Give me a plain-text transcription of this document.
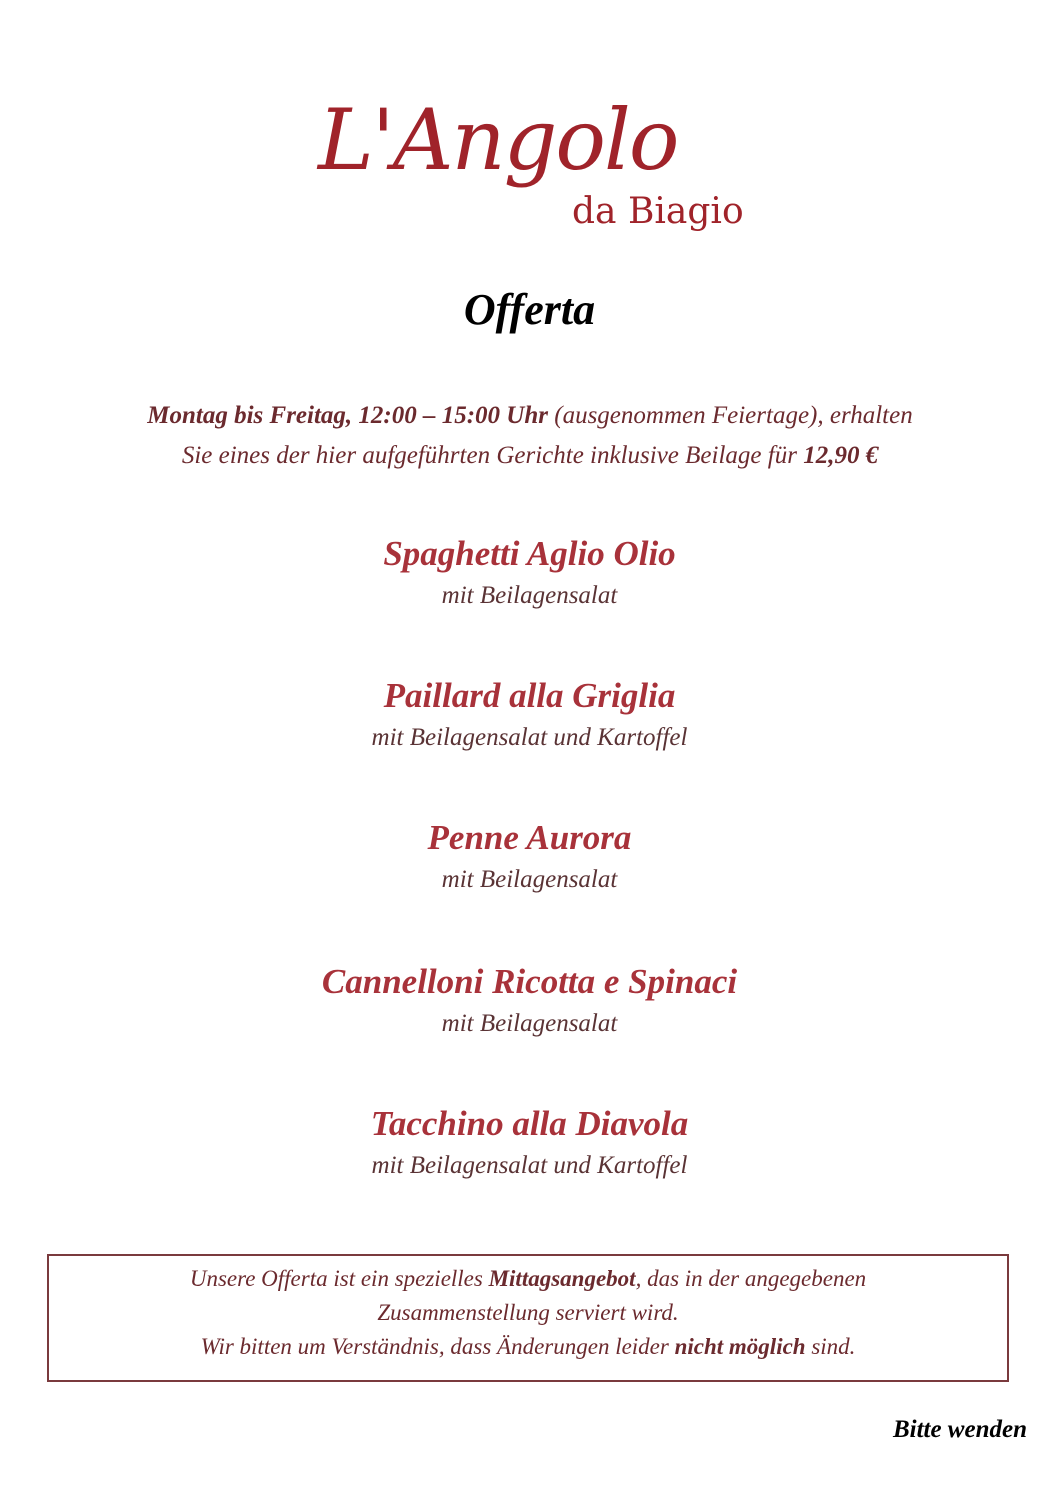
L'Angolo
da Biagio
Offerta
Montag bis Freitag, 12:00 – 15:00 Uhr (ausgenommen Feiertage), erhalten
Sie eines der hier aufgeführten Gerichte inklusive Beilage für 12,90 €
Spaghetti Aglio Olio
mit Beilagensalat
Paillard alla Griglia
mit Beilagensalat und Kartoffel
Penne Aurora
mit Beilagensalat
Cannelloni Ricotta e Spinaci
mit Beilagensalat
Tacchino alla Diavola
mit Beilagensalat und Kartoffel
Unsere Offerta ist ein spezielles Mittagsangebot, das in der angegebenen
Zusammenstellung serviert wird.
Wir bitten um Verständnis, dass Änderungen leider nicht möglich sind.
Bitte wenden
